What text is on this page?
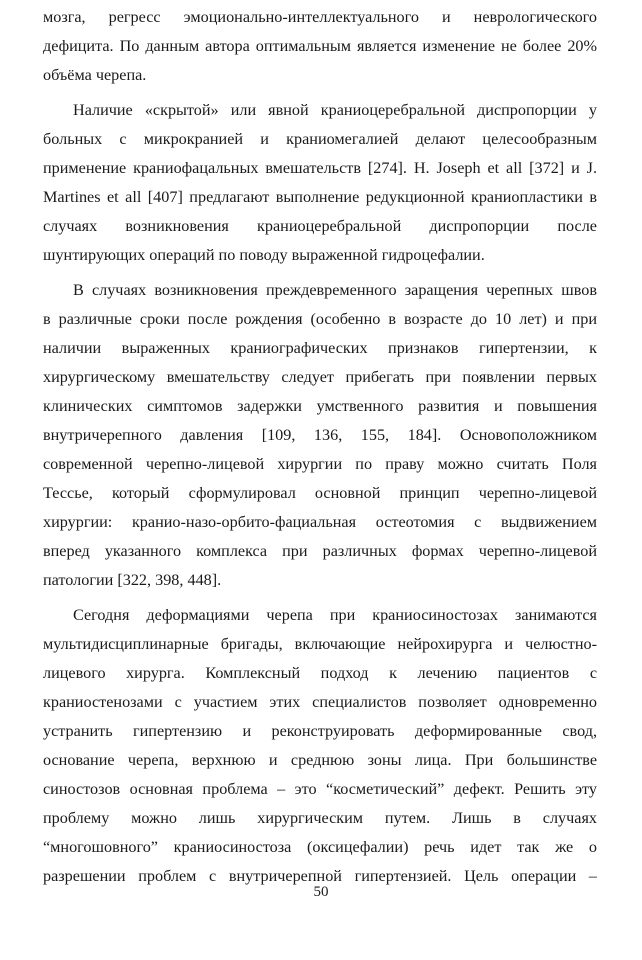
мозга, регресс эмоционально-интеллектуального и неврологического
дефицита. По данным автора оптимальным является изменение не более 20%
объёма черепа.
Наличие «скрытой» или явной краниоцеребральной диспропорции у
больных с микрокранией и краниомегалией делают целесообразным
применение краниофацальных вмешательств [274]. H. Joseph et all [372] и J.
Martines et all [407] предлагают выполнение редукционной краниопластики в
случаях возникновения краниоцеребральной диспропорции после
шунтирующих операций по поводу выраженной гидроцефалии.
В случаях возникновения преждевременного заращения черепных швов
в различные сроки после рождения (особенно в возрасте до 10 лет) и при
наличии выраженных краниографических признаков гипертензии, к
хирургическому вмешательству следует прибегать при появлении первых
клинических симптомов задержки умственного развития и повышения
внутричерепного давления [109, 136, 155, 184]. Основоположником
современной черепно-лицевой хирургии по праву можно считать Поля
Тессье, который сформулировал основной принцип черепно-лицевой
хирургии: кранио-назо-орбито-фациальная остеотомия с выдвижением
вперед указанного комплекса при различных формах черепно-лицевой
патологии [322, 398, 448].
Сегодня деформациями черепа при краниосиностозах занимаются
мультидисциплинарные бригады, включающие нейрохирурга и челюстно-
лицевого хирурга. Комплексный подход к лечению пациентов с
краниостенозами с участием этих специалистов позволяет одновременно
устранить гипертензию и реконструировать деформированные свод,
основание черепа, верхнюю и среднюю зоны лица. При большинстве
синостозов основная проблема – это “косметический” дефект. Решить эту
проблему можно лишь хирургическим путем. Лишь в случаях
“многошовного” краниосиностоза (оксицефалии) речь идет так же о
разрешении проблем с внутричерепной гипертензией. Цель операции –
50
